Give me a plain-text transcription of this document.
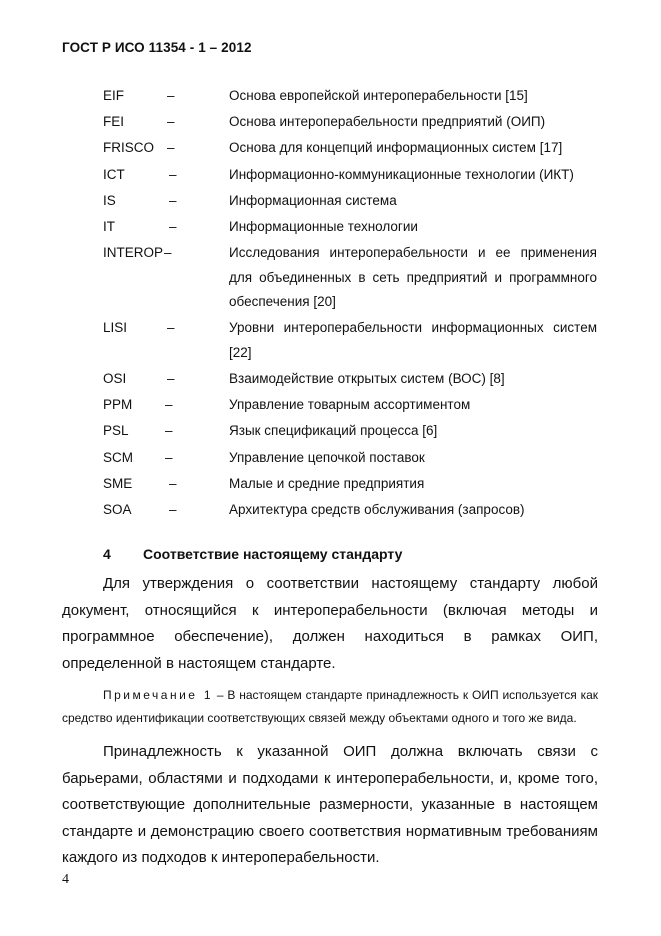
ГОСТ Р ИСО 11354 - 1 – 2012
EIF	–	Основа европейской интероперабельности [15]
FEI	–	Основа интероперабельности предприятий (ОИП)
FRISCO –	Основа для концепций информационных систем [17]
ICT	–	Информационно-коммуникационные технологии (ИКТ)
IS	–	Информационная система
IT	–	Информационные технологии
INTEROP –	Исследования интероперабельности и ее применения для объединенных в сеть предприятий и программного обеспечения [20]
LISI	–	Уровни интероперабельности информационных систем [22]
OSI	–	Взаимодействие открытых систем (ВОС) [8]
PPM –	Управление товарным ассортиментом
PSL	–	Язык спецификаций процесса [6]
SCM –	Управление цепочкой поставок
SME	–	Малые и средние предприятия
SOA	–	Архитектура средств обслуживания (запросов)
4 Соответствие настоящему стандарту
Для утверждения о соответствии настоящему стандарту любой документ, относящийся к интероперабельности (включая методы и программное обеспечение), должен находиться в рамках ОИП, определенной в настоящем стандарте.
Примечание 1 – В настоящем стандарте принадлежность к ОИП используется как средство идентификации соответствующих связей между объектами одного и того же вида.
Принадлежность к указанной ОИП должна включать связи с барьерами, областями и подходами к интероперабельности, и, кроме того, соответствующие дополнительные размерности, указанные в настоящем стандарте и демонстрацию своего соответствия нормативным требованиям каждого из подходов к интероперабельности.
4
